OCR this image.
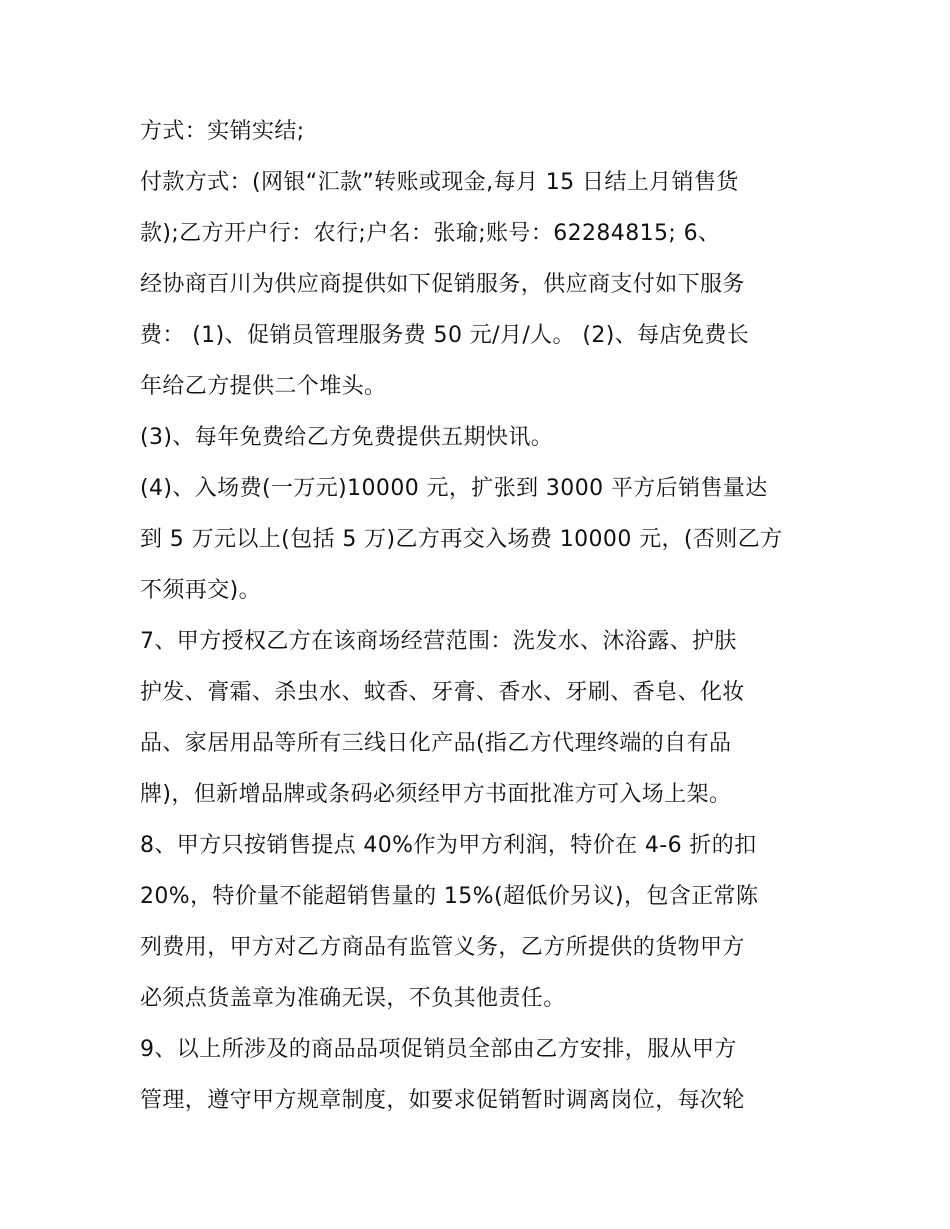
方式：实销实结;
付款方式：(网银“汇款”转账或现金,每月 15 日结上月销售货
款);乙方开户行：农行;户名：张瑜;账号：62284815; 6、
经协商百川为供应商提供如下促销服务，供应商支付如下服务
费： (1)、促销员管理服务费 50 元/月/人。 (2)、每店免费长
年给乙方提供二个堆头。
(3)、每年免费给乙方免费提供五期快讯。
(4)、入场费(一万元)10000 元，扩张到 3000 平方后销售量达
到 5 万元以上(包括 5 万)乙方再交入场费 10000 元，(否则乙方
不须再交)。
7、甲方授权乙方在该商场经营范围：洗发水、沐浴露、护肤
护发、膏霜、杀虫水、蚊香、牙膏、香水、牙刷、香皂、化妆
品、家居用品等所有三线日化产品(指乙方代理终端的自有品
牌)，但新增品牌或条码必须经甲方书面批准方可入场上架。
8、甲方只按销售提点 40%作为甲方利润，特价在 4-6 折的扣
20%，特价量不能超销售量的 15%(超低价另议)，包含正常陈
列费用，甲方对乙方商品有监管义务，乙方所提供的货物甲方
必须点货盖章为准确无误，不负其他责任。
9、以上所涉及的商品品项促销员全部由乙方安排，服从甲方
管理，遵守甲方规章制度，如要求促销暂时调离岗位，每次轮
